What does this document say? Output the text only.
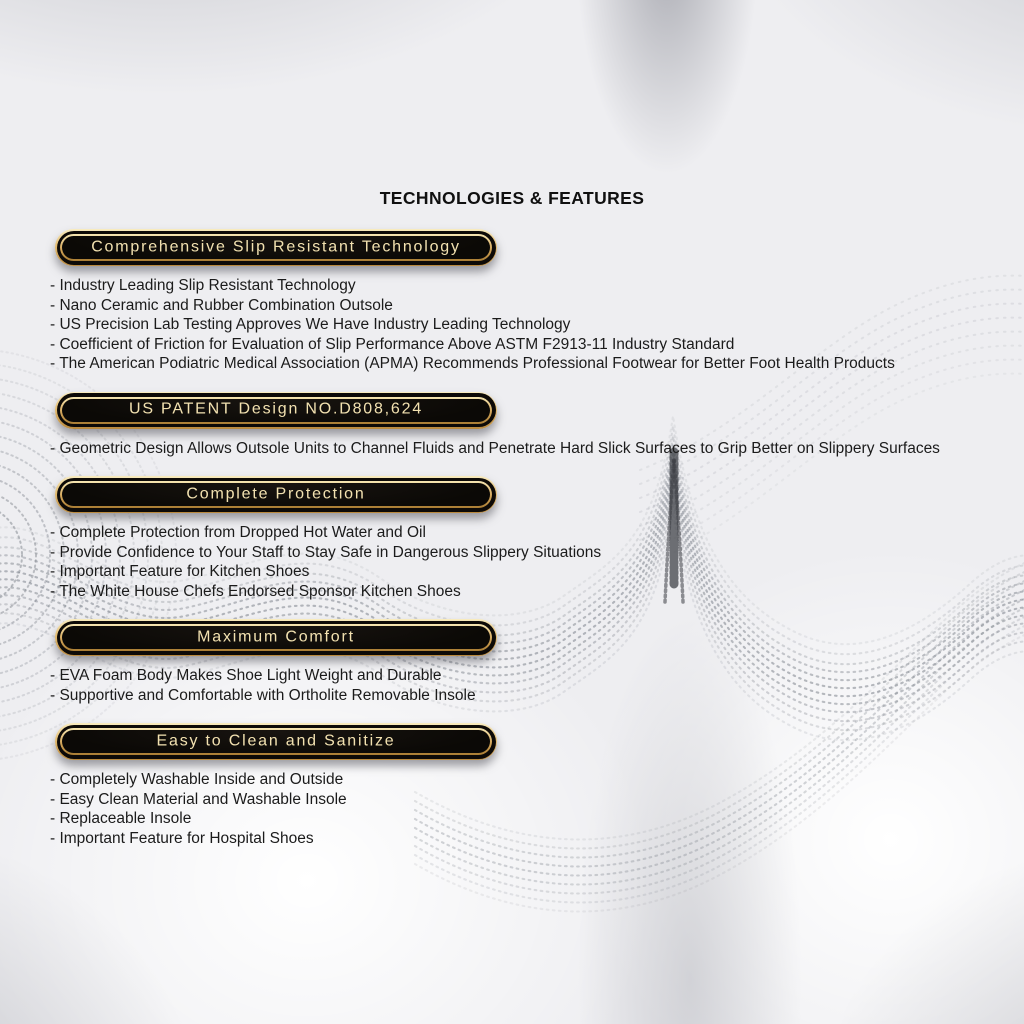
TECHNOLOGIES & FEATURES
Comprehensive Slip Resistant Technology
- Industry Leading Slip Resistant Technology
- Nano Ceramic and Rubber Combination Outsole
- US Precision Lab Testing Approves We Have Industry Leading Technology
- Coefficient of Friction for Evaluation of Slip Performance Above ASTM F2913-11 Industry Standard
- The American Podiatric Medical Association (APMA) Recommends Professional Footwear for Better Foot Health Products
US PATENT Design NO.D808,624
- Geometric Design Allows Outsole Units to Channel Fluids and Penetrate Hard Slick Surfaces to Grip Better on Slippery Surfaces
Complete Protection
- Complete Protection from Dropped Hot Water and Oil
- Provide Confidence to Your Staff to Stay Safe in Dangerous Slippery Situations
- Important Feature for Kitchen Shoes
- The White House Chefs Endorsed Sponsor Kitchen Shoes
Maximum Comfort
- EVA Foam Body Makes Shoe Light Weight and Durable
- Supportive and Comfortable with Ortholite Removable Insole
Easy to Clean and Sanitize
- Completely Washable Inside and Outside
- Easy Clean Material and Washable Insole
- Replaceable Insole
- Important Feature for Hospital Shoes
